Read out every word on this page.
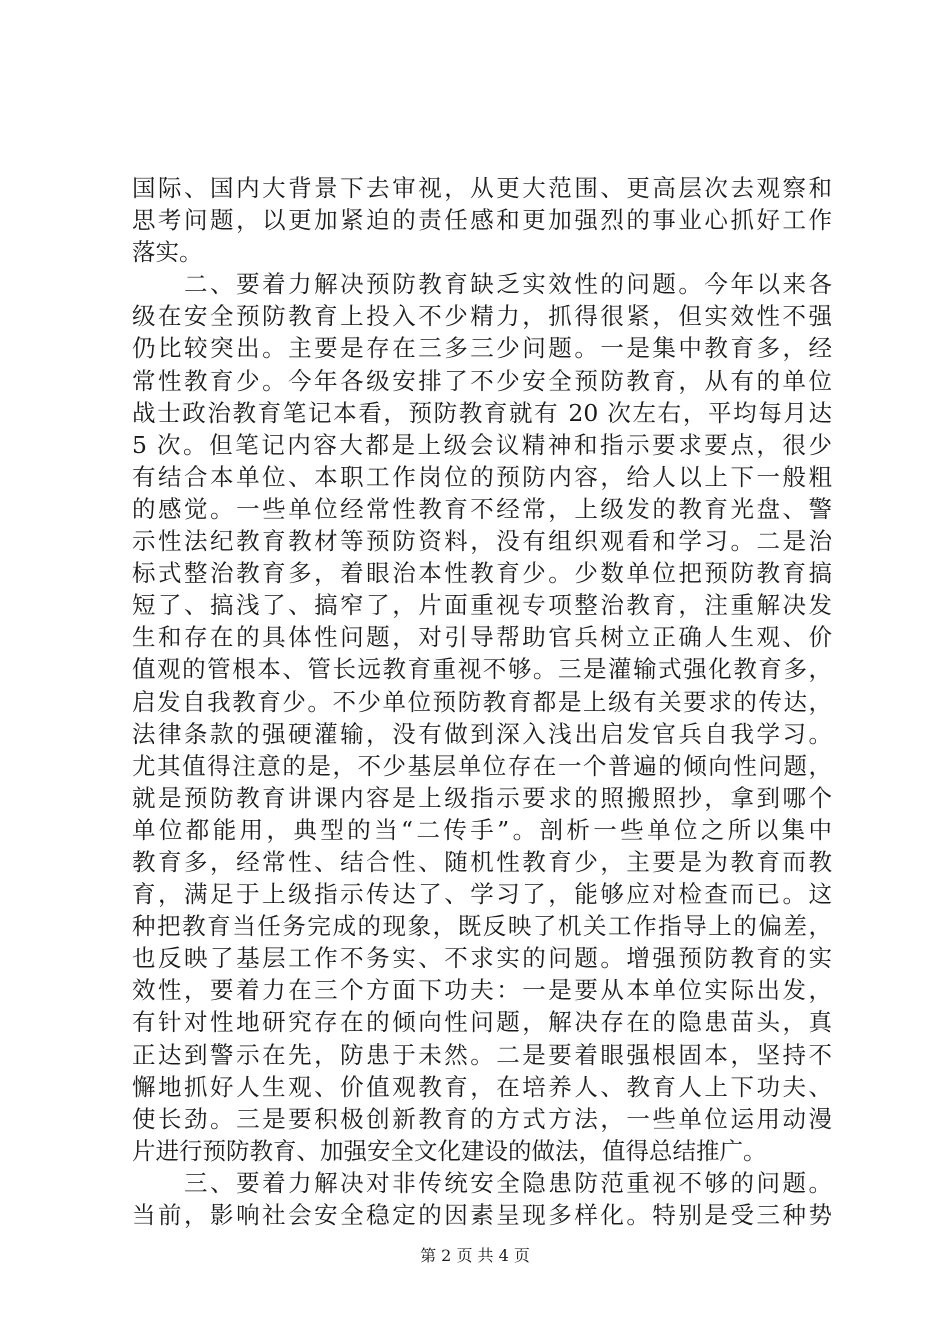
国际、国内大背景下去审视，从更大范围、更高层次去观察和
思考问题，以更加紧迫的责任感和更加强烈的事业心抓好工作
落实。
　　二、要着力解决预防教育缺乏实效性的问题。今年以来各
级在安全预防教育上投入不少精力，抓得很紧，但实效性不强
仍比较突出。主要是存在三多三少问题。一是集中教育多，经
常性教育少。今年各级安排了不少安全预防教育，从有的单位
战士政治教育笔记本看，预防教育就有 20 次左右，平均每月达
5 次。但笔记内容大都是上级会议精神和指示要求要点，很少
有结合本单位、本职工作岗位的预防内容，给人以上下一般粗
的感觉。一些单位经常性教育不经常，上级发的教育光盘、警
示性法纪教育教材等预防资料，没有组织观看和学习。二是治
标式整治教育多，着眼治本性教育少。少数单位把预防教育搞
短了、搞浅了、搞窄了，片面重视专项整治教育，注重解决发
生和存在的具体性问题，对引导帮助官兵树立正确人生观、价
值观的管根本、管长远教育重视不够。三是灌输式强化教育多，
启发自我教育少。不少单位预防教育都是上级有关要求的传达，
法律条款的强硬灌输，没有做到深入浅出启发官兵自我学习。
尤其值得注意的是，不少基层单位存在一个普遍的倾向性问题，
就是预防教育讲课内容是上级指示要求的照搬照抄，拿到哪个
单位都能用，典型的当“二传手”。剖析一些单位之所以集中
教育多，经常性、结合性、随机性教育少，主要是为教育而教
育，满足于上级指示传达了、学习了，能够应对检查而已。这
种把教育当任务完成的现象，既反映了机关工作指导上的偏差，
也反映了基层工作不务实、不求实的问题。增强预防教育的实
效性，要着力在三个方面下功夫：一是要从本单位实际出发，
有针对性地研究存在的倾向性问题，解决存在的隐患苗头，真
正达到警示在先，防患于未然。二是要着眼强根固本，坚持不
懈地抓好人生观、价值观教育，在培养人、教育人上下功夫、
使长劲。三是要积极创新教育的方式方法，一些单位运用动漫
片进行预防教育、加强安全文化建设的做法，值得总结推广。
　　三、要着力解决对非传统安全隐患防范重视不够的问题。
当前，影响社会安全稳定的因素呈现多样化。特别是受三种势
第 2 页 共 4 页
